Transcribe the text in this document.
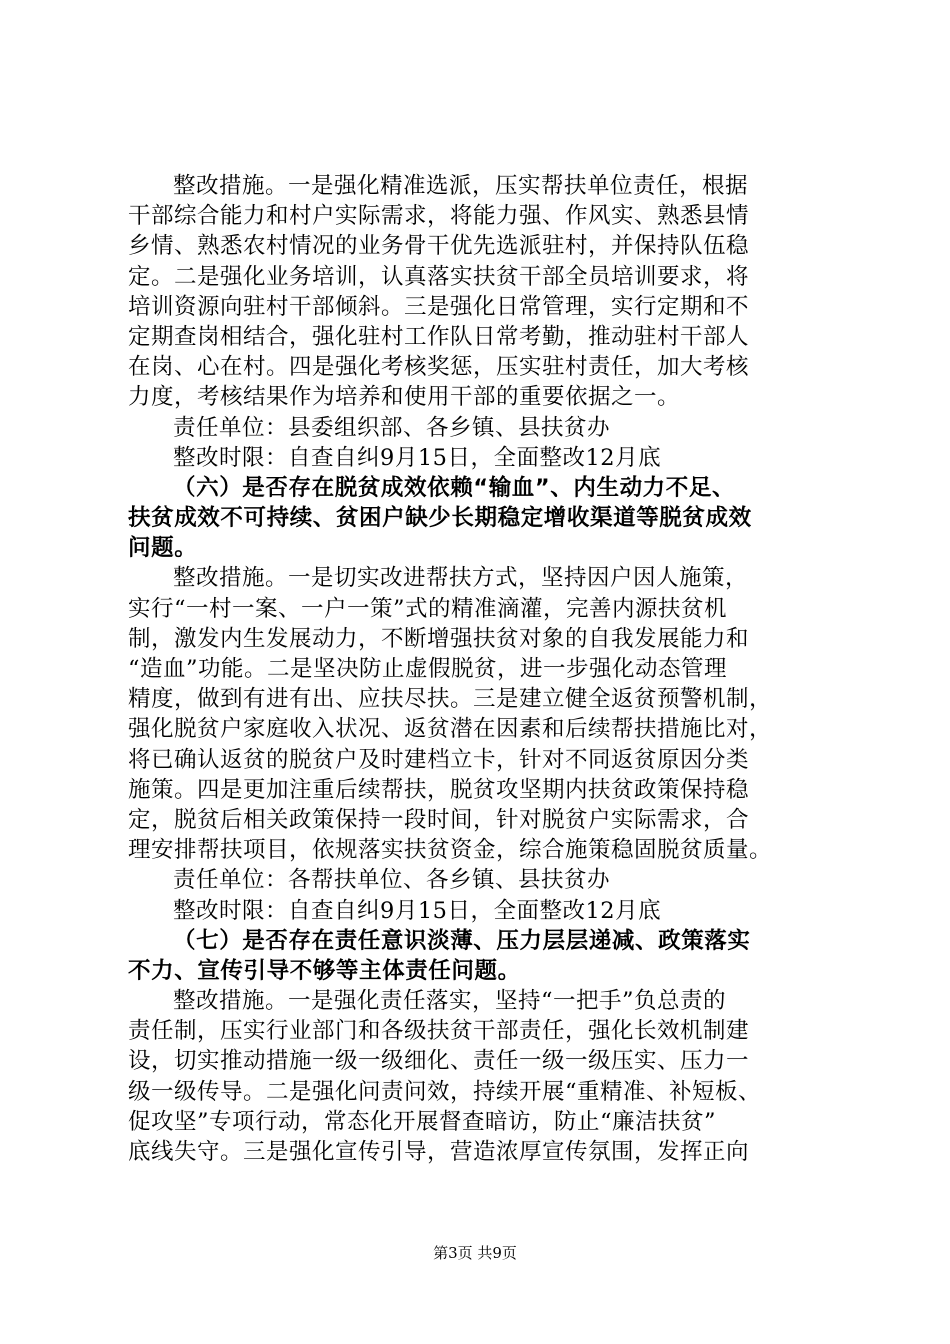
整改措施。一是强化精准选派，压实帮扶单位责任，根据
干部综合能力和村户实际需求，将能力强、作风实、熟悉县情
乡情、熟悉农村情况的业务骨干优先选派驻村，并保持队伍稳
定。二是强化业务培训，认真落实扶贫干部全员培训要求，将
培训资源向驻村干部倾斜。三是强化日常管理，实行定期和不
定期查岗相结合，强化驻村工作队日常考勤，推动驻村干部人
在岗、心在村。四是强化考核奖惩，压实驻村责任，加大考核
力度，考核结果作为培养和使用干部的重要依据之一。
责任单位：县委组织部、各乡镇、县扶贫办
整改时限：自查自纠9月15日，全面整改12月底
（六）是否存在脱贫成效依赖“输血”、内生动力不足、
扶贫成效不可持续、贫困户缺少长期稳定增收渠道等脱贫成效
问题。
整改措施。一是切实改进帮扶方式，坚持因户因人施策，
实行“一村一案、一户一策”式的精准滴灌，完善内源扶贫机
制，激发内生发展动力，不断增强扶贫对象的自我发展能力和
“造血”功能。二是坚决防止虚假脱贫，进一步强化动态管理
精度，做到有进有出、应扶尽扶。三是建立健全返贫预警机制，
强化脱贫户家庭收入状况、返贫潜在因素和后续帮扶措施比对，
将已确认返贫的脱贫户及时建档立卡，针对不同返贫原因分类
施策。四是更加注重后续帮扶，脱贫攻坚期内扶贫政策保持稳
定，脱贫后相关政策保持一段时间，针对脱贫户实际需求，合
理安排帮扶项目，依规落实扶贫资金，综合施策稳固脱贫质量。
责任单位：各帮扶单位、各乡镇、县扶贫办
整改时限：自查自纠9月15日，全面整改12月底
（七）是否存在责任意识淡薄、压力层层递减、政策落实
不力、宣传引导不够等主体责任问题。
整改措施。一是强化责任落实，坚持“一把手”负总责的
责任制，压实行业部门和各级扶贫干部责任，强化长效机制建
设，切实推动措施一级一级细化、责任一级一级压实、压力一
级一级传导。二是强化问责问效，持续开展“重精准、补短板、
促攻坚”专项行动，常态化开展督查暗访，防止“廉洁扶贫”
底线失守。三是强化宣传引导，营造浓厚宣传氛围，发挥正向
第3页 共9页
